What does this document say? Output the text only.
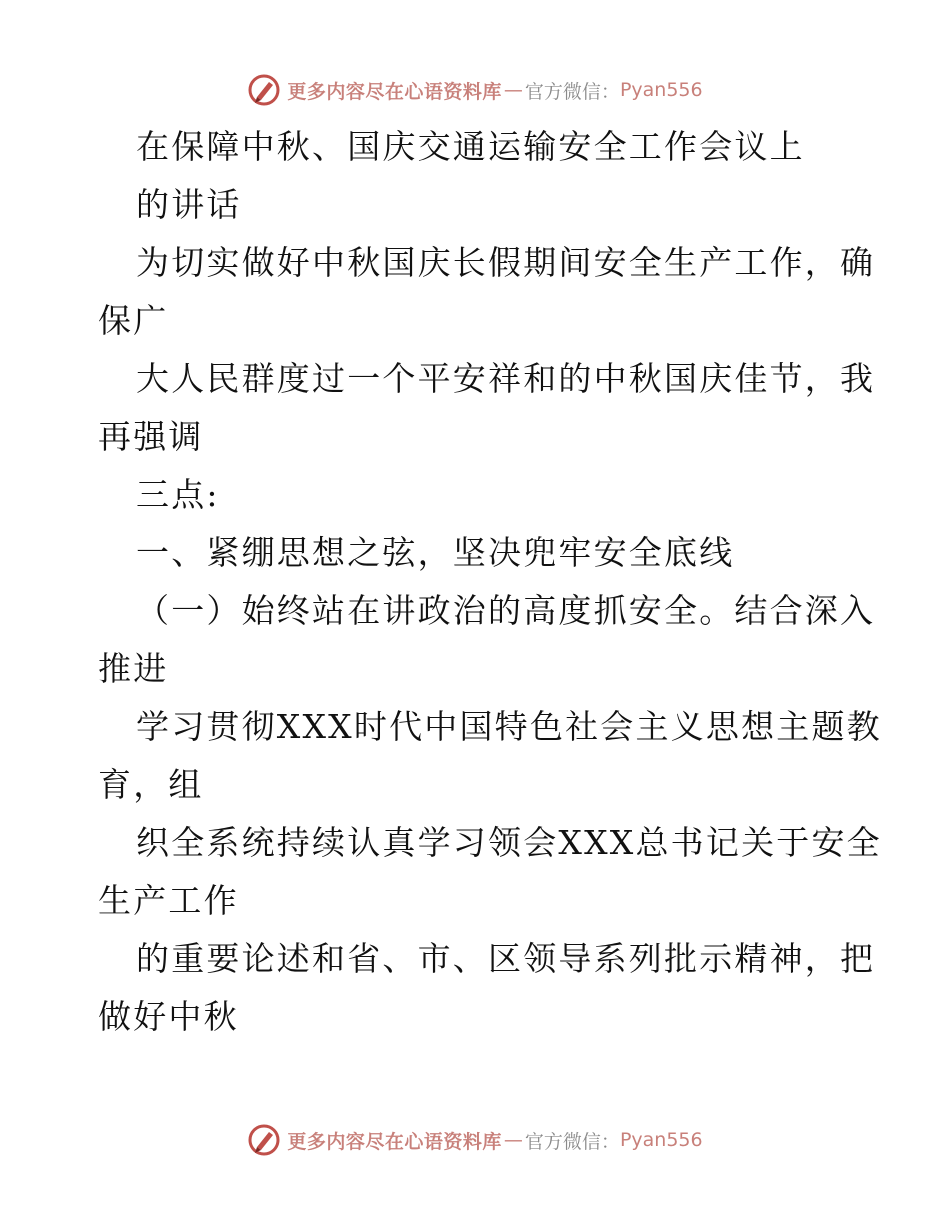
更多内容尽在心语资料库 — 官方微信： Pyan556
在保障中秋、国庆交通运输安全工作会议上
的讲话
为切实做好中秋国庆长假期间安全生产工作，确
保广
大人民群度过一个平安祥和的中秋国庆佳节，我
再强调
三点:
一、紧绷思想之弦，坚决兜牢安全底线
（一）始终站在讲政治的高度抓安全。结合深入
推进
学习贯彻XXX时代中国特色社会主义思想主题教
育，组
织全系统持续认真学习领会XXX总书记关于安全
生产工作
的重要论述和省、市、区领导系列批示精神，把
做好中秋
更多内容尽在心语资料库 — 官方微信： Pyan556
